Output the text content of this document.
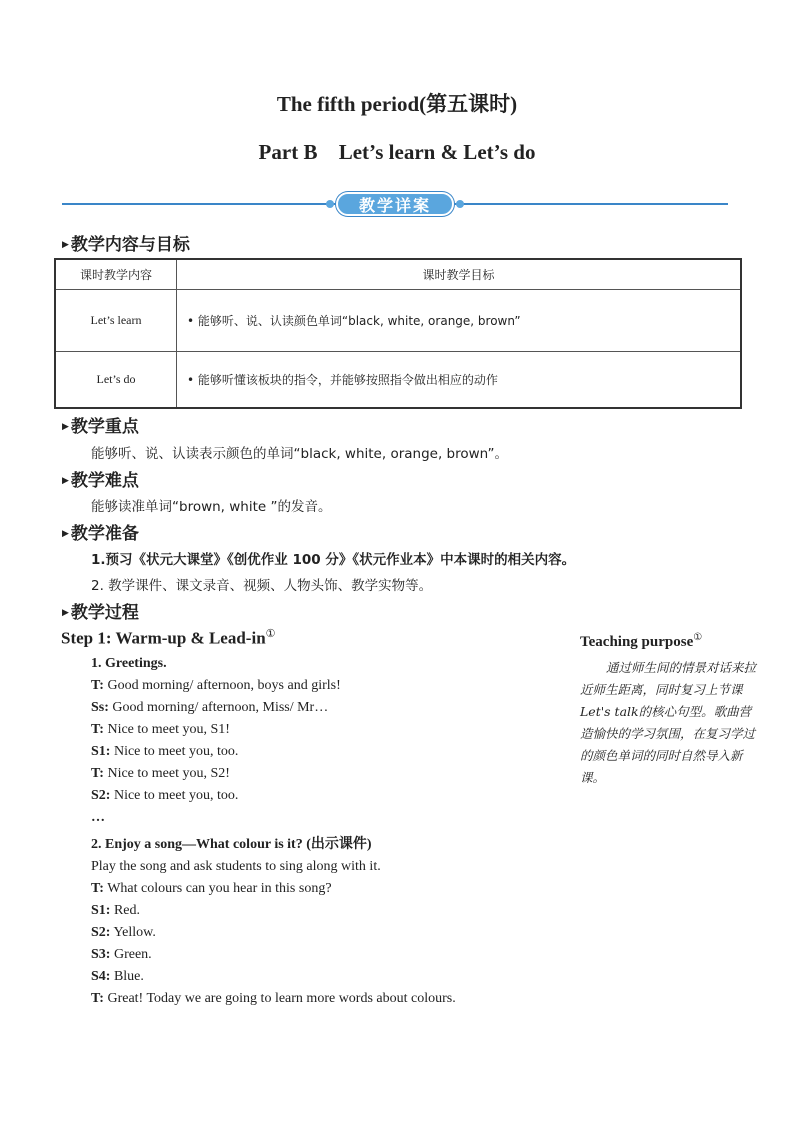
The fifth period(第五课时)
Part B Let’s learn & Let’s do
教学详案
▶ 教学内容与目标
课时教学内容	课时教学目标
Let’s learn	• 能够听、说、认读颜色单词“black, white, orange, brown”
Let’s do	• 能够听懂该板块的指令，并能够按照指令做出相应的动作
▶ 教学重点
能够听、说、认读表示颜色的单词“black, white, orange, brown”。
▶ 教学难点
能够读准单词“brown, white ”的发音。
▶ 教学准备
1.预习《状元大课堂》《创优作业 100 分》《状元作业本》中本课时的相关内容。
2. 教学课件、课文录音、视频、人物头饰、教学实物等。
▶ 教学过程
Step 1: Warm-up & Lead-in①
1. Greetings.
T: Good morning/ afternoon, boys and girls!
Ss: Good morning/ afternoon, Miss/ Mr…
T: Nice to meet you, S1!
S1: Nice to meet you, too.
T: Nice to meet you, S2!
S2: Nice to meet you, too.
…
2. Enjoy a song—What colour is it? (出示课件)
Play the song and ask students to sing along with it.
T: What colours can you hear in this song?
S1: Red.
S2: Yellow.
S3: Green.
S4: Blue.
T: Great! Today we are going to learn more words about colours.
Teaching purpose①
通过师生间的情景对话来拉近师生距离，同时复习上节课Let's talk的核心句型。歌曲营造愉快的学习氛围，在复习学过的颜色单词的同时自然导入新课。
